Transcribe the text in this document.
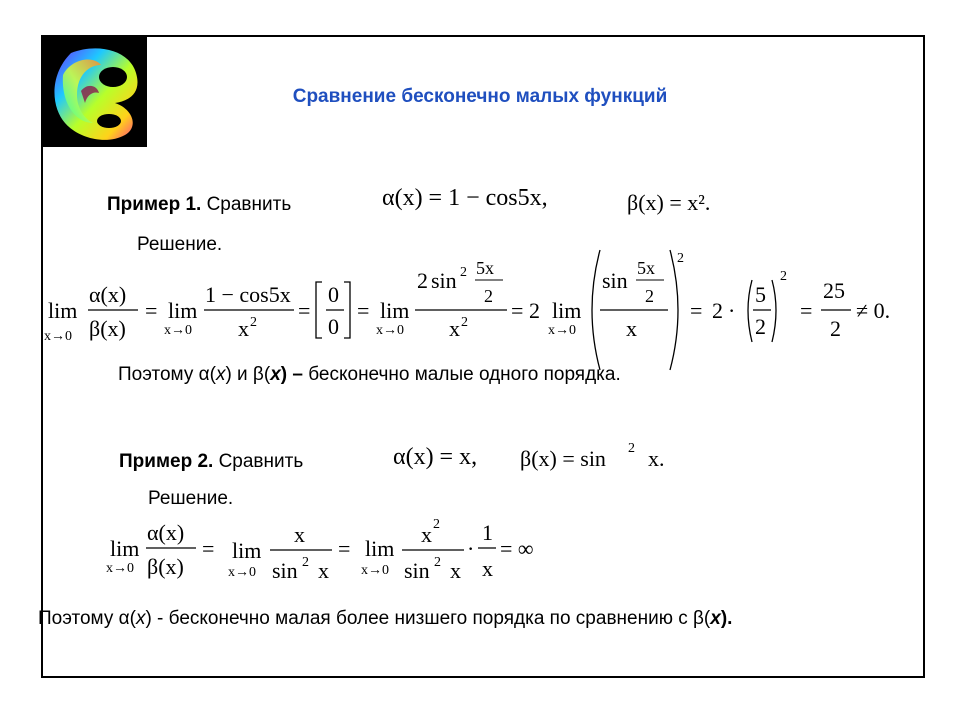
Сравнение бесконечно малых функций
Пример 1. Сравнить	α(x) = 1 − cos5x,	β(x) = x².
Решение.
lim
x→0
α(x)
β(x)
= lim
x→0
1 − cos5x
x 2 =
0
0
= lim
x→0
2 sin 2 5x
2
x 2 = 2 lim
x→0
sin 5x
2
x
2
= 2 ·
5
2
2
=
25
2
≠ 0.
Поэтому α(x) и β(x) – бесконечно малые одного порядка.
Пример 2. Сравнить	α(x) = x, β(x) = sin 2 x.
Решение.
lim
x→0
α(x)
β(x)
= lim
x→0
x
sin 2 x
= lim
x→0
x 2
sin 2 x
·
1
x
= ∞
Поэтому α(x) - бесконечно малая более низшего порядка по сравнению с β(x).
